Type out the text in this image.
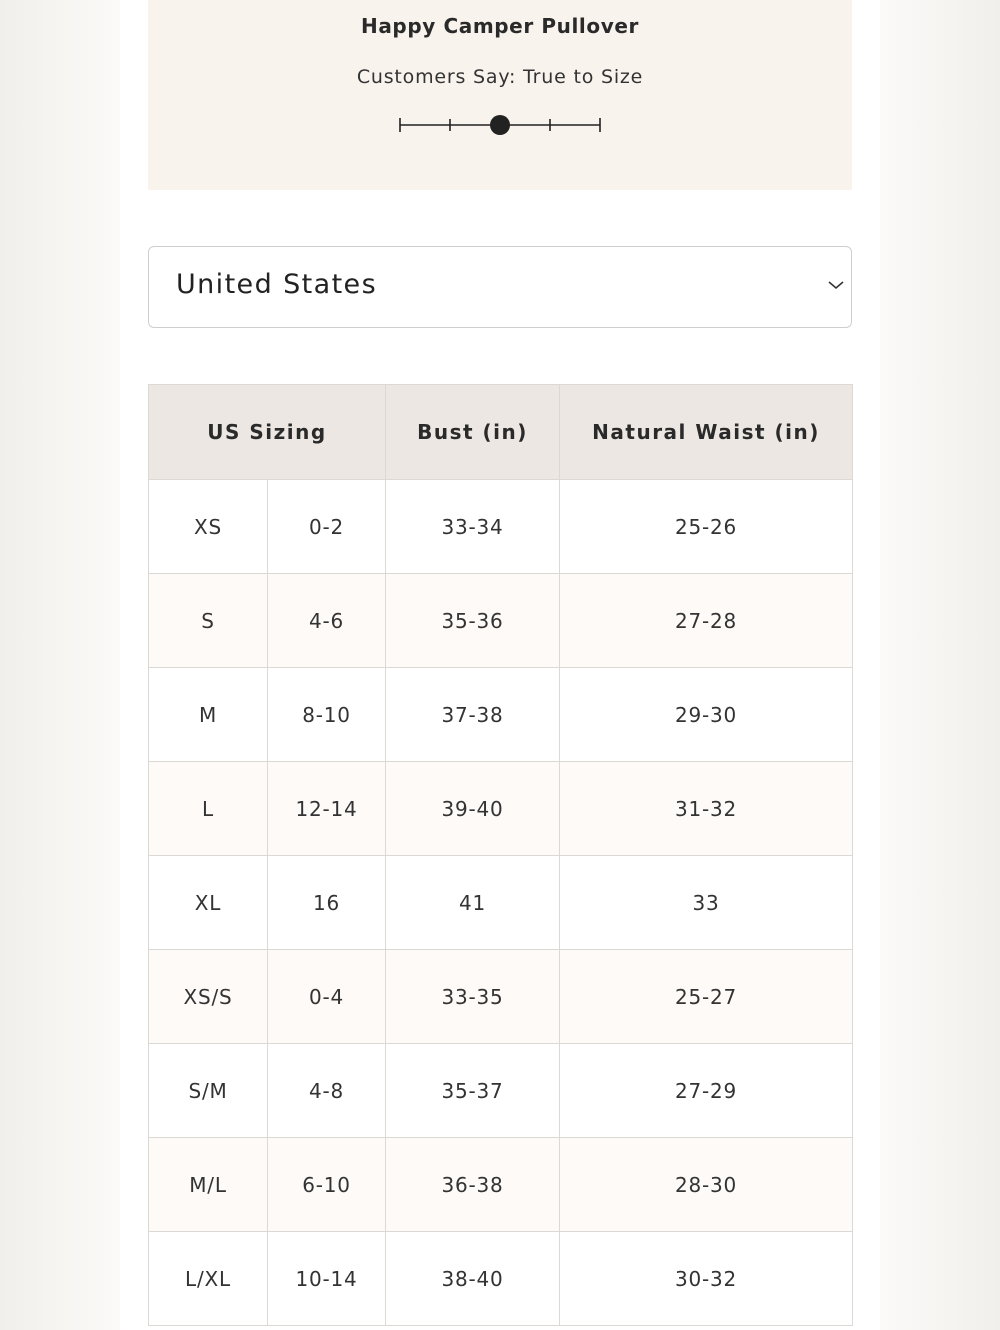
Happy Camper Pullover
Customers Say: True to Size
United States
US Sizing		Bust (in)	Natural Waist (in)
XS	0-2	33-34	25-26
S	4-6	35-36	27-28
M	8-10	37-38	29-30
L	12-14	39-40	31-32
XL	16	41	33
XS/S	0-4	33-35	25-27
S/M	4-8	35-37	27-29
M/L	6-10	36-38	28-30
L/XL	10-14	38-40	30-32
